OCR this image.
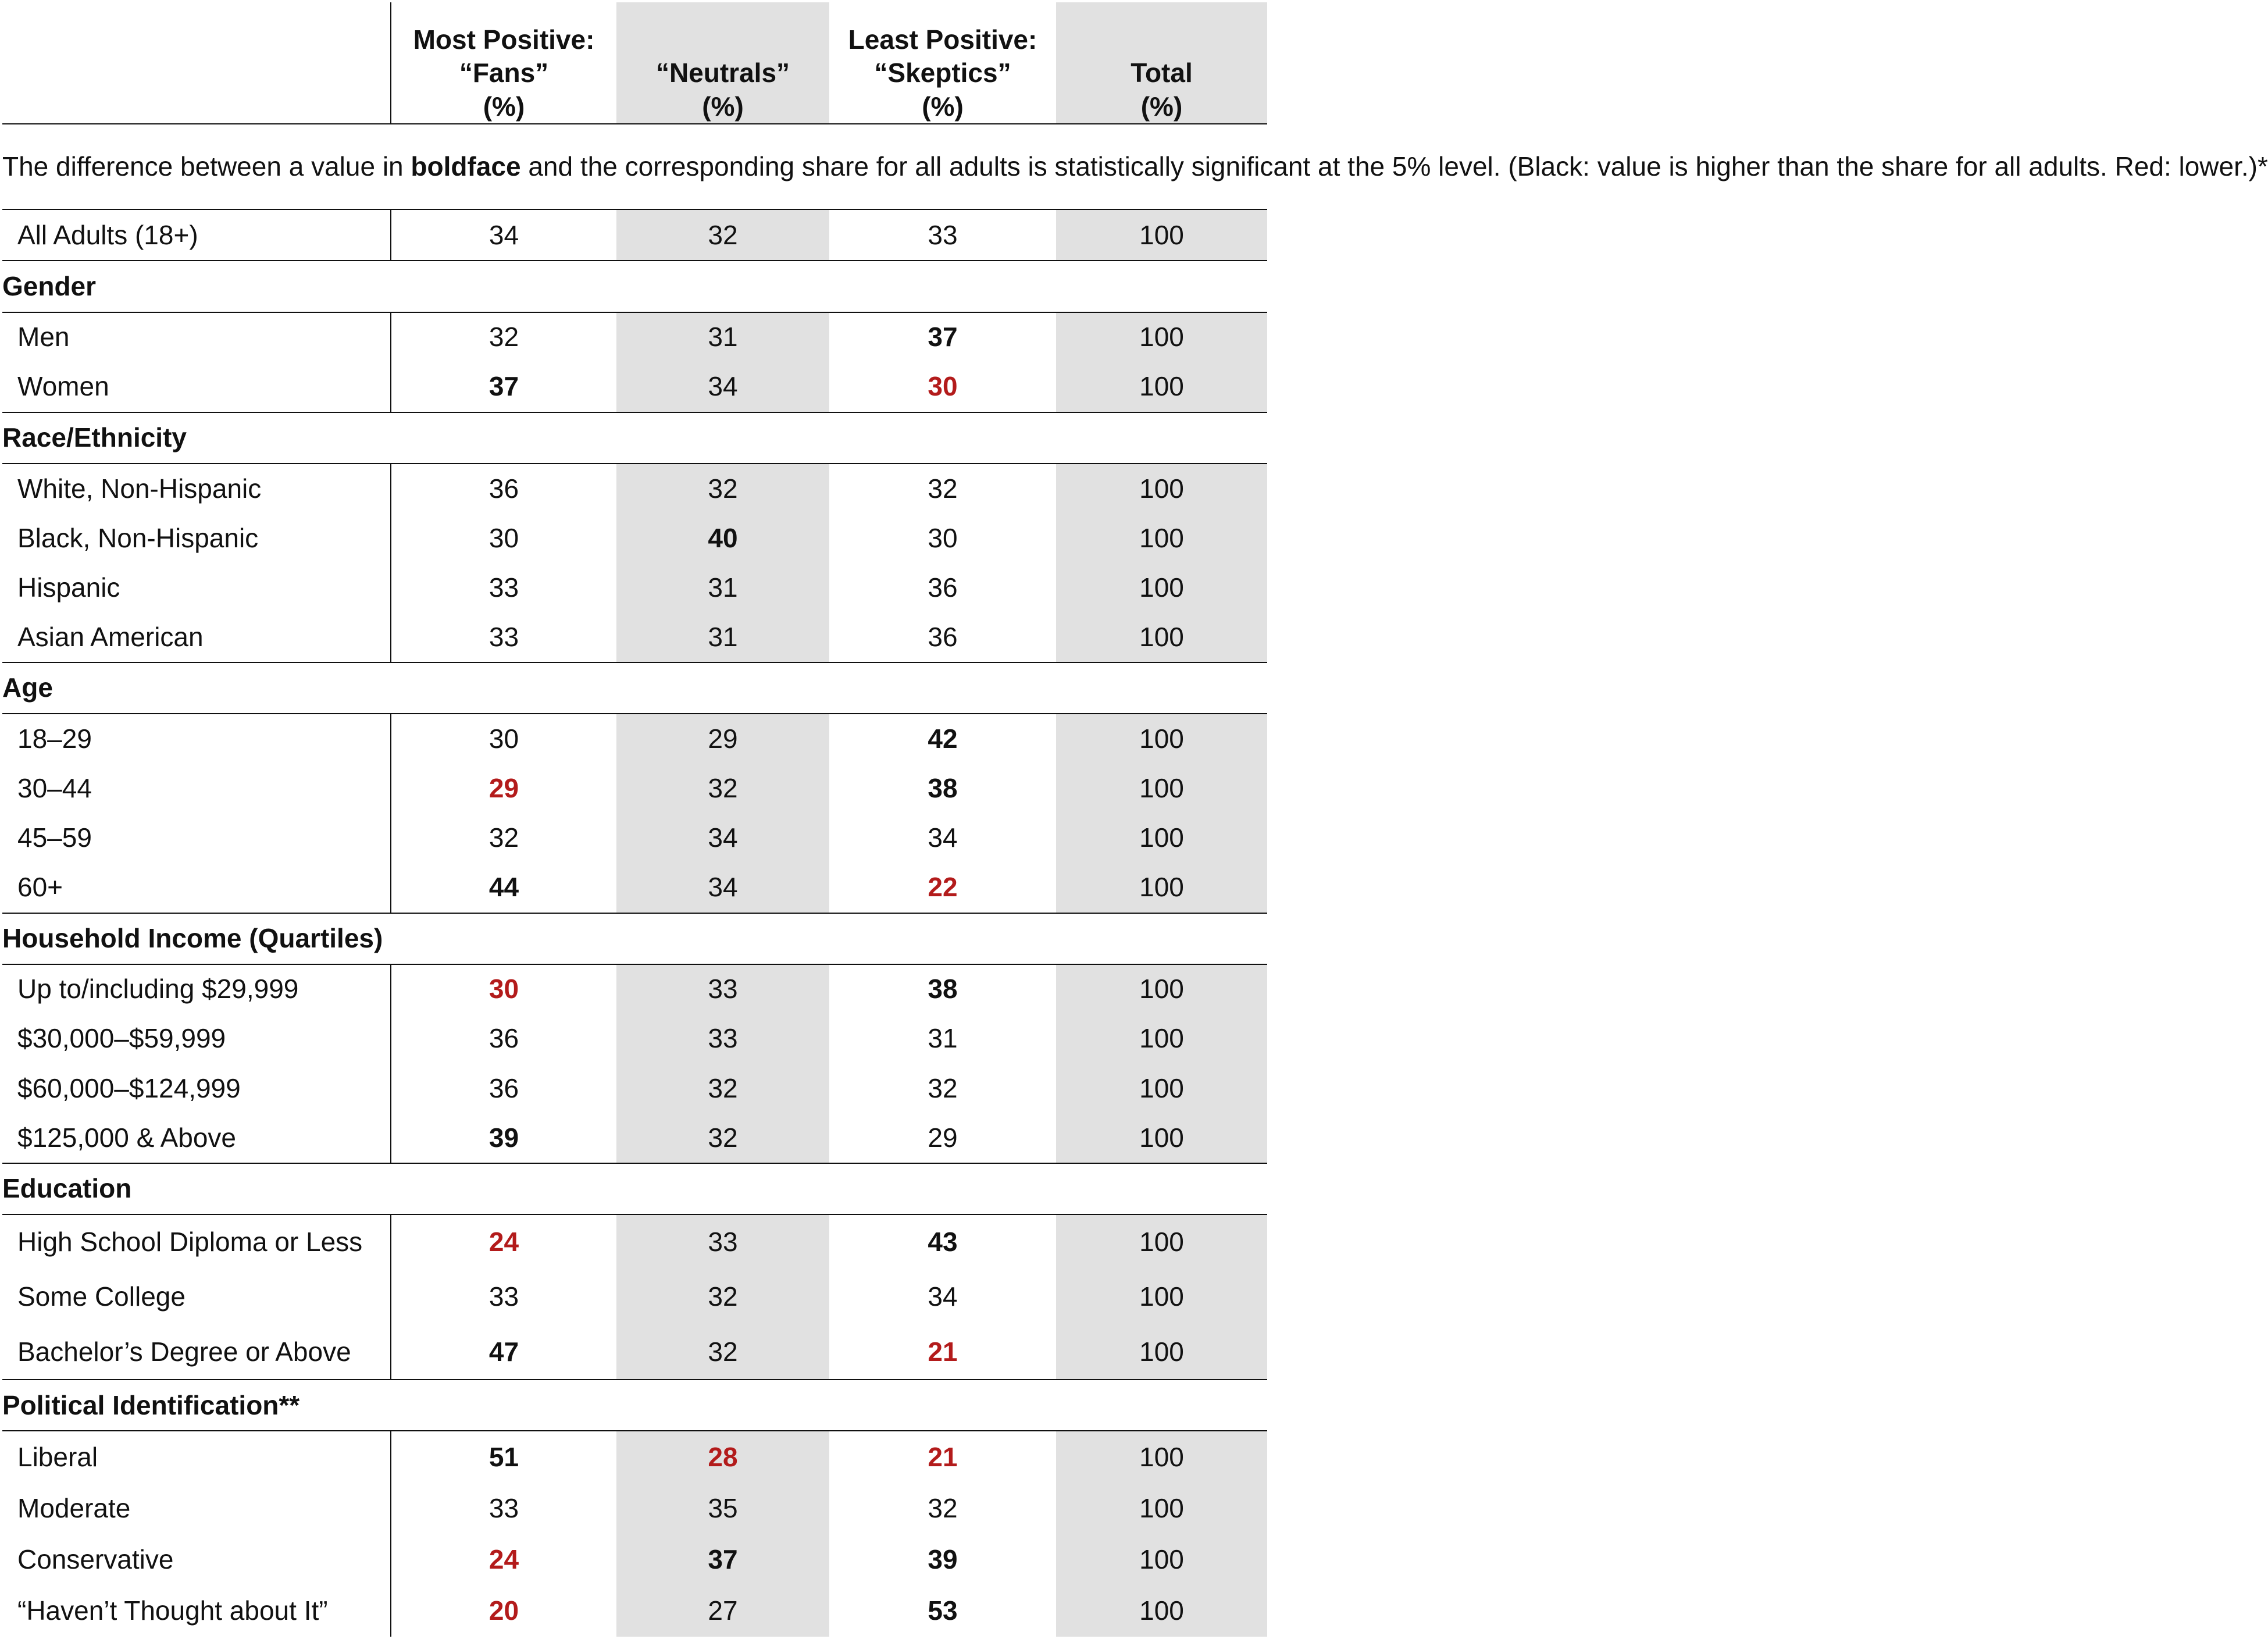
	Most Positive:
“Fans”
(%)	“Neutrals”
(%)	Least Positive:
“Skeptics”
(%)	Total
(%)
The difference between a value in boldface and the corresponding share for all adults is statistically significant at the 5% level. (Black: value is higher than the share for all adults. Red: lower.)*				
All Adults (18+)	34	32	33	100
Gender				
Men	32	31	37	100
Women	37	34	30	100
Race/Ethnicity				
White, Non-Hispanic	36	32	32	100
Black, Non-Hispanic	30	40	30	100
Hispanic	33	31	36	100
Asian American	33	31	36	100
Age				
18–29	30	29	42	100
30–44	29	32	38	100
45–59	32	34	34	100
60+	44	34	22	100
Household Income (Quartiles)				
Up to/including $29,999	30	33	38	100
$30,000–$59,999	36	33	31	100
$60,000–$124,999	36	32	32	100
$125,000 & Above	39	32	29	100
Education				
High School Diploma or Less	24	33	43	100
Some College	33	32	34	100
Bachelor’s Degree or Above	47	32	21	100
Political Identification**				
Liberal	51	28	21	100
Moderate	33	35	32	100
Conservative	24	37	39	100
“Haven’t Thought about It”	20	27	53	100
